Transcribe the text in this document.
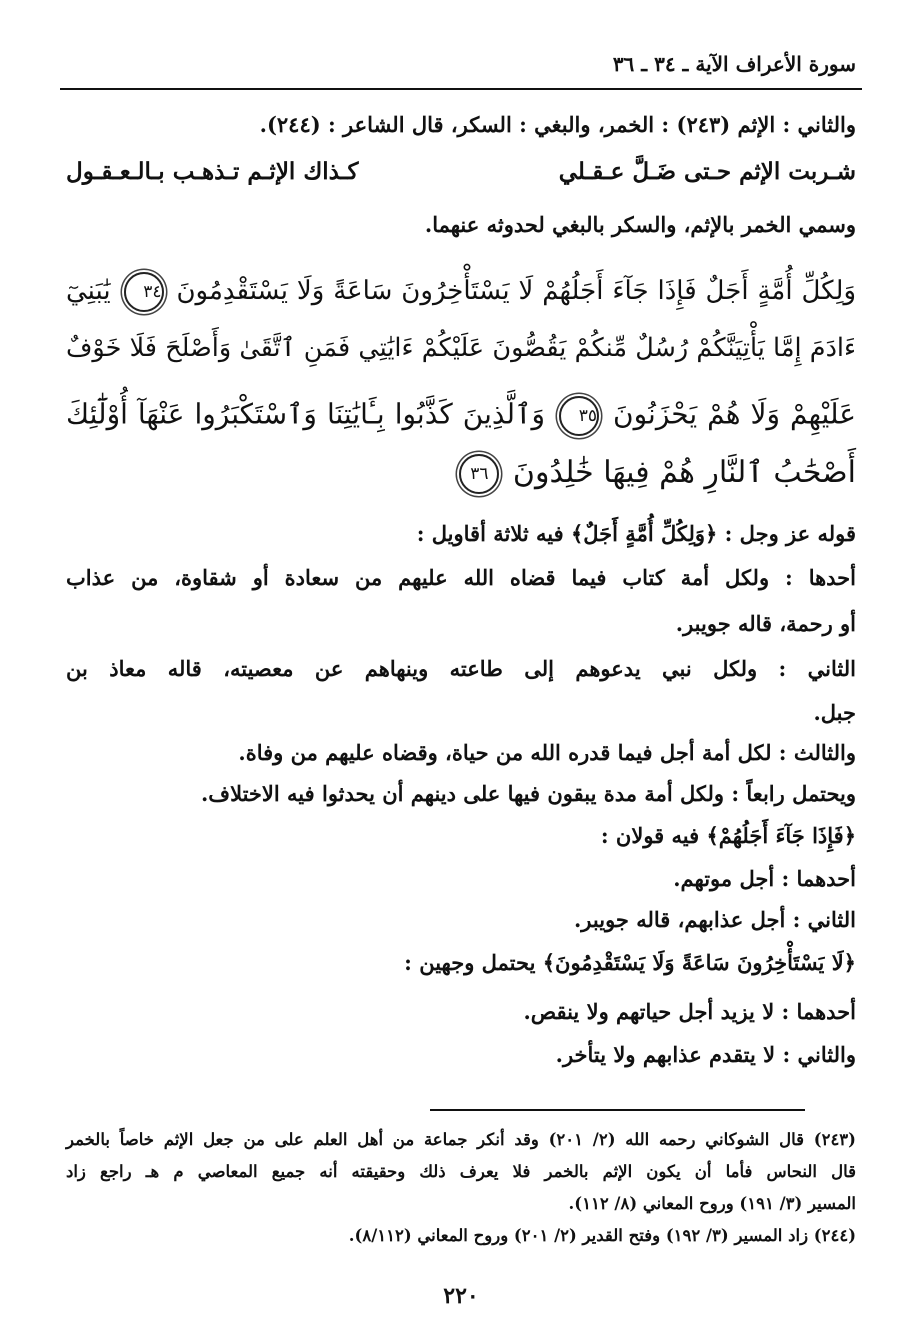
سورة الأعراف الآية ـ ٣٤ ـ ٣٦
والثاني : الإثم (٢٤٣) : الخمر، والبغي : السكر، قال الشاعر : (٢٤٤).
شـربت الإثم حـتى ضَـلَّ عـقـلي
كـذاك الإثـم تـذهـب بـالـعـقـول
وسمي الخمر بالإثم، والسكر بالبغي لحدوثه عنهما.
وَلِكُلِّ أُمَّةٍ أَجَلٌ فَإِذَا جَآءَ أَجَلُهُمْ لَا يَسْتَأْخِرُونَ سَاعَةً وَلَا يَسْتَقْدِمُونَ ٣٤ يَٰبَنِيٓ
ءَادَمَ إِمَّا يَأْتِيَنَّكُمْ رُسُلٌ مِّنكُمْ يَقُصُّونَ عَلَيْكُمْ ءَايَٰتِي فَمَنِ ٱتَّقَىٰ وَأَصْلَحَ فَلَا خَوْفٌ
عَلَيْهِمْ وَلَا هُمْ يَحْزَنُونَ ٣٥ وَٱلَّذِينَ كَذَّبُوا بِـَٔايَٰتِنَا وَٱسْتَكْبَرُوا عَنْهَآ أُوْلَٰٓئِكَ
أَصْحَٰبُ ٱلنَّارِ هُمْ فِيهَا خَٰلِدُونَ ٣٦
قوله عز وجل : ﴿وَلِكُلِّ أُمَّةٍ أَجَلٌ﴾ فيه ثلاثة أقاويل :
أحدها : ولكل أمة كتاب فيما قضاه الله عليهم من سعادة أو شقاوة، من عذاب
أو رحمة، قاله جويبر.
الثاني : ولكل نبي يدعوهم إلى طاعته وينهاهم عن معصيته، قاله معاذ بن
جبل.
والثالث : لكل أمة أجل فيما قدره الله من حياة، وقضاه عليهم من وفاة.
ويحتمل رابعاً : ولكل أمة مدة يبقون فيها على دينهم أن يحدثوا فيه الاختلاف.
﴿فَإِذَا جَآءَ أَجَلُهُمْ﴾ فيه قولان :
أحدهما : أجل موتهم.
الثاني : أجل عذابهم، قاله جويبر.
﴿لَا يَسْتَأْخِرُونَ سَاعَةً وَلَا يَسْتَقْدِمُونَ﴾ يحتمل وجهين :
أحدهما : لا يزيد أجل حياتهم ولا ينقص.
والثاني : لا يتقدم عذابهم ولا يتأخر.
(٢٤٣) قال الشوكاني رحمه الله (٢/ ٢٠١) وقد أنكر جماعة من أهل العلم على من جعل الإثم خاصاً بالخمر
قال النحاس فأما أن يكون الإثم بالخمر فلا يعرف ذلك وحقيقته أنه جميع المعاصي م هـ راجع زاد
المسير (٣/ ١٩١) وروح المعاني (٨/ ١١٢).
(٢٤٤) زاد المسير (٣/ ١٩٢) وفتح القدير (٢/ ٢٠١) وروح المعاني (٨/١١٢).
٢٢٠
